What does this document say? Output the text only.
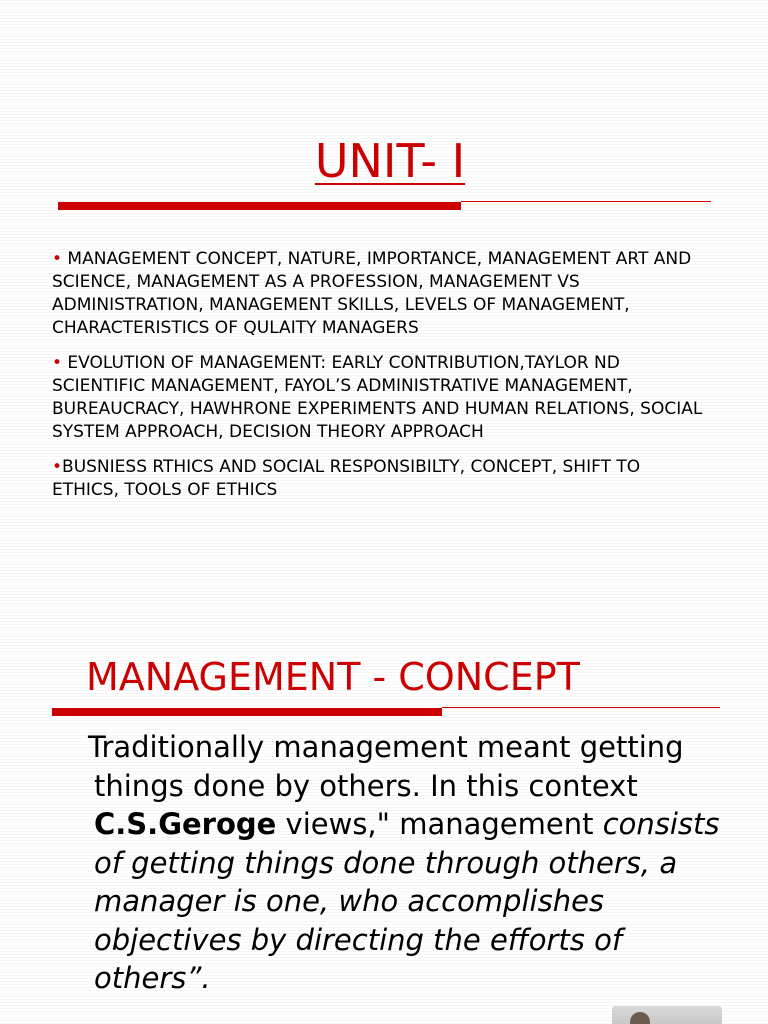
UNIT- I
• MANAGEMENT CONCEPT, NATURE, IMPORTANCE, MANAGEMENT ART AND SCIENCE, MANAGEMENT AS A PROFESSION, MANAGEMENT VS ADMINISTRATION, MANAGEMENT SKILLS, LEVELS OF MANAGEMENT, CHARACTERISTICS OF QULAITY MANAGERS
• EVOLUTION OF MANAGEMENT: EARLY CONTRIBUTION,TAYLOR ND SCIENTIFIC MANAGEMENT, FAYOL’S ADMINISTRATIVE MANAGEMENT, BUREAUCRACY, HAWHRONE EXPERIMENTS AND HUMAN RELATIONS, SOCIAL SYSTEM APPROACH, DECISION THEORY APPROACH
•BUSNIESS RTHICS AND SOCIAL RESPONSIBILTY, CONCEPT, SHIFT TO ETHICS, TOOLS OF ETHICS
MANAGEMENT - CONCEPT
Traditionally management meant getting things done by others. In this context C.S.Geroge views," management consists of getting things done through others, a manager is one, who accomplishes objectives by directing the efforts of others”.
